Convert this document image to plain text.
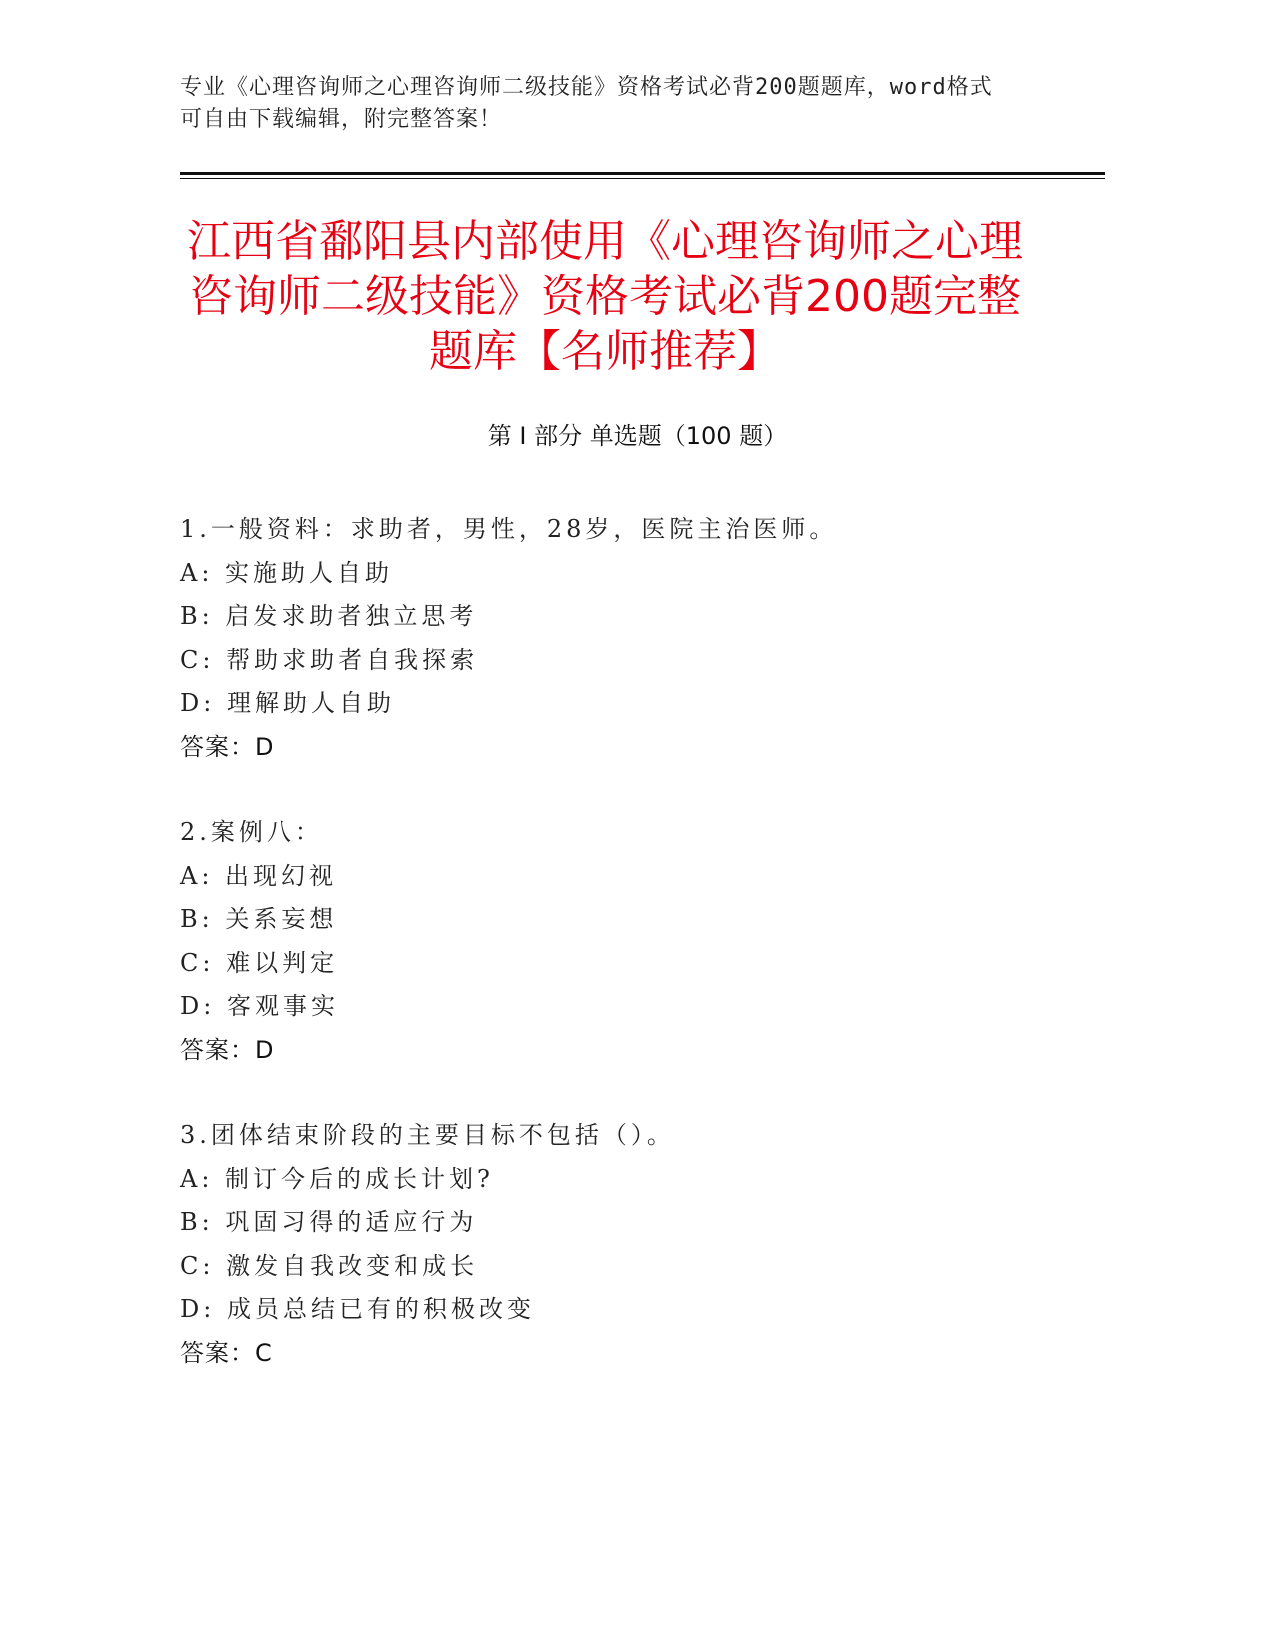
专业《心理咨询师之心理咨询师二级技能》资格考试必背200题题库，word格式
可自由下载编辑，附完整答案！
江西省鄱阳县内部使用《心理咨询师之心理
咨询师二级技能》资格考试必背200题完整
题库【名师推荐】
第 I 部分 单选题（100 题）
1.一般资料：求助者，男性，28岁，医院主治医师。
A: 实施助人自助
B: 启发求助者独立思考
C: 帮助求助者自我探索
D: 理解助人自助
答案：D
2.案例八：
A: 出现幻视
B: 关系妄想
C: 难以判定
D: 客观事实
答案：D
3.团体结束阶段的主要目标不包括（）。
A: 制订今后的成长计划?
B: 巩固习得的适应行为
C: 激发自我改变和成长
D: 成员总结已有的积极改变
答案：C
